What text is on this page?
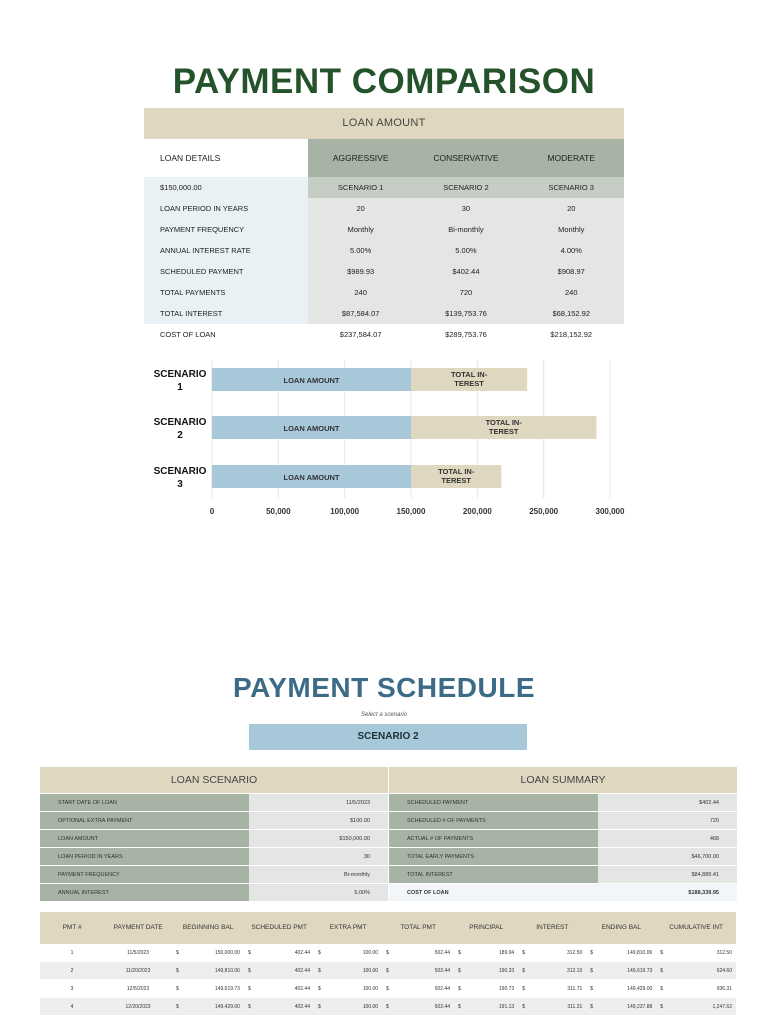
PAYMENT COMPARISON
LOAN AMOUNT
LOAN DETAILS	AGGRESSIVE	CONSERVATIVE	MODERATE
$150,000.00	SCENARIO 1	SCENARIO 2	SCENARIO 3
LOAN PERIOD IN YEARS	20	30	20
PAYMENT FREQUENCY	Monthly	Bi-monthly	Monthly
ANNUAL INTEREST RATE	5.00%	5.00%	4.00%
SCHEDULED PAYMENT	$989.93	$402.44	$908.97
TOTAL PAYMENTS	240	720	240
TOTAL INTEREST	$87,584.07	$139,753.76	$68,152.92
COST OF LOAN	$237,584.07	$289,753.76	$218,152.92
0	50,000	100,000	150,000	200,000	250,000	300,000
SCENARIO
1
LOAN AMOUNT
TOTAL IN-
TEREST
SCENARIO
2
LOAN AMOUNT
TOTAL IN-
TEREST
SCENARIO
3
LOAN AMOUNT
TOTAL IN-
TEREST
PAYMENT SCHEDULE
Select a scenario
SCENARIO 2
LOAN SCENARIO
START DATE OF LOAN	11/5/2023
OPTIONAL EXTRA PAYMENT	$100.00
LOAN AMOUNT	$150,000.00
LOAN PERIOD IN YEARS	30
PAYMENT FREQUENCY	Bi-monthly
ANNUAL INTEREST	5.00%
LOAN SUMMARY
SCHEDULED PAYMENT	$402.44
SCHEDULED # OF PAYMENTS	720
ACTUAL # OF PAYMENTS	468
TOTAL EARLY PAYMENTS	$46,700.00
TOTAL INTEREST	$84,889.41
COST OF LOAN	$188,339.95
PMT #	PAYMENT DATE	BEGINNING BAL	SCHEDULED PMT	EXTRA PMT	TOTAL PMT	PRINCIPAL	INTEREST	ENDING BAL	CUMULATIVE INT
1	11/5/2023	$	150,000.00	$	402.44	$	100.00	$	502.44	$	189.94	$	312.50	$	149,810.06	$	312.50
2	11/20/2023	$	149,810.06	$	402.44	$	100.00	$	502.44	$	190.33	$	312.10	$	149,619.73	$	624.60
3	12/5/2023	$	149,619.73	$	402.44	$	100.00	$	502.44	$	190.73	$	311.71	$	149,429.00	$	936.31
4	12/20/2023	$	149,429.00	$	402.44	$	100.00	$	502.44	$	191.13	$	311.31	$	149,237.88	$	1,247.62
